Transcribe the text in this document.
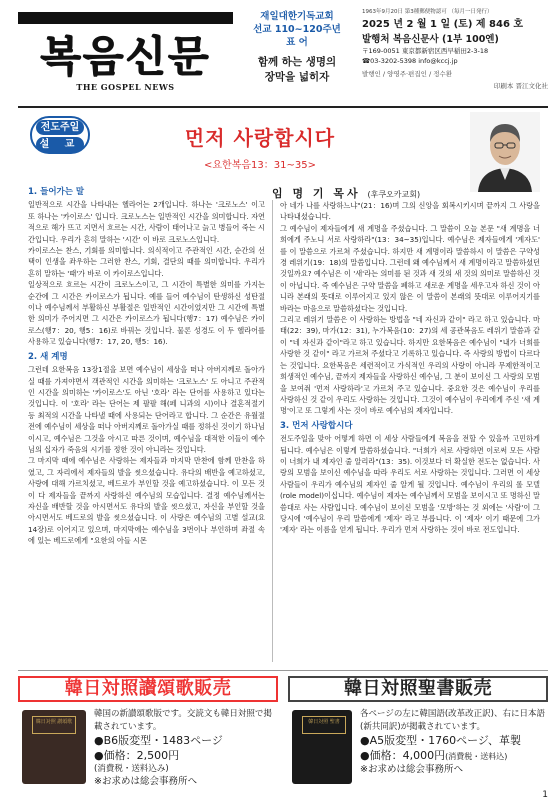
복음신문
THE GOSPEL NEWS
재일대한기독교회
선교 110~120주년
표 어
함께 하는 생명의
장막을 넓히자
1963年9月20日 第3種郵便物認可 （毎月一日発行）
2025 년 2 월 1 일 (토) 제 846 호
발행처 복음신문사 (1부 100엔)
〒169-0051 東京都新宿区西早稲田2-3-18
☎03-3202-5398 info@kccj.jp
발행인 / 양영주·편집인 / 정수환
印刷本 晋江文化社
전도주일
설 교	먼저 사랑합시다
<요한복음13：31~35>
임 명 기 목사 (후쿠오카교회)
1. 들어가는 말

일반적으로 시간을 나타내는 헬라어는 2개입니다. 하나는 '크로노스' 이고 또 하나는 '카이로스' 입니다. 크로노스는 일반적인 시간을 의미합니다. 자연적으로 해가 뜨고 지면서 흐르는 시간, 사람이 태어나고 늙고 병들어 죽는 시간입니다. 우리가 흔히 말하는 '시간' 이 바로 크로노스입니다.

카이로스는 찬스, 기회를 의미합니다. 의식적이고 주관적인 시간, 순간의 선택이 인생을 좌우하는 그러한 찬스, 기회, 결단의 때를 의미합니다. 우리가 흔히 말하는 '때'가 바로 이 카이로스입니다.

일상적으로 흐르는 시간이 크로노스이고, 그 시간이 특별한 의미를 가지는 순간에 그 시간은 카이로스가 됩니다. 예를 들어 예수님이 탄생하신 성탄절이나 예수님께서 부활하신 부활절은 일반적인 시간이었지만 그 시간에 특별한 의미가 주어지면 그 시간은 카이로스가 됩니다(행7：17) 예수님은 카이로스(행7：20, 행5：16)로 바꿔는 것입니다. 물론 성경도 이 두 헬라어를 사용하고 있습니다(행7：17, 20, 행5：16).

2. 새 계명

그런데 요한복음 13장1절을 보면 예수님이 세상을 떠나 아버지께로 돌아가실 때를 가져야면서 객관적인 시간을 의미하는 '크로노스' 도 아니고 주관적인 시간을 의미하는 '카이로스'도 아닌 '호라' 라는 단어를 사용하고 있다는 것입니다. 이 '호라' 라는 단어는 제 팔팔 해(페 니과의 시)이나 결혼적절기 등 최적의 시간을 나타낼 때에 사용되는 단어라고 합니다. 그 순간은 유월절 전에 예수님이 세상을 떠나 아버지께로 돌아가실 때를 정하신 것이기 하나님이시고, 예수님은 그것을 아시고 따른 것이며, 예수님을 대적한 이들이 예수님의 십자가 죽음의 시기를 정한 것이 아니라는 것입니다.

그 마지막 때에 예수님은 사랑하는 제자들과 마지막 만찬에 함께 만찬을 하였고, 그 자리에서 제자들의 발을 씻으셨습니다. 유다의 배반을 예고하셨고, 사랑에 대해 가르치셨고, 베드로가 부인할 것을 예고하셨습니다. 이 모든 것이 다 제자들을 끝까지 사랑하신 예수님의 모습입니다. 결정 예수님께서는 자신을 배반할 것을 아시면서도 유다의 발을 씻으셨고, 자신을 부인할 것을 아시면서도 베드로의 발을 씻으셨습니다. 이 사랑은 예수님의 고별 설교(요14장)로 이어지고 있으며, 마지막에는 예수님을 3번이나 부인하며 좌절 속에 있는 베드로에게 "요한의 아들 시몬

아 네가 나를 사랑하느냐"(21：16)며 그의 신앙을 회복시키시며 끝까지 그 사랑을 나타내셨습니다.

그 예수님이 제자들에게 새 계명을 주셨습니다. 그 말씀이 오늘 본문 "새 계명을 너희에게 주노니 서로 사랑하라"(13：34~35)입니다. 예수님은 제자들에게 '계자도' 를 이 말씀으로 가르쳐 주셨습니다. 하지만 새 계명이라 말씀하시 이 말씀은 구약성경 레위기(19：18)의 말씀입니다. 그런데 왜 예수님께서 새 계명이라고 말씀하셨던 것일까요? 예수님은 이 '새'라는 의미를 된 것과 새 것의 새 것의 의미로 말씀하신 것이 아닙니다. 즉 예수님은 구약 말씀을 폐하고 새로운 계명을 세우고자 하신 것이 아니라 본래의 뜻대로 이루어지고 있지 않은 이 말씀이 본래의 뜻대로 이루어지기를 바라는 마음으로 말씀하셨다는 것입니다.

그리고 레위기 말씀은 이 사랑하는 방법을 "네 자신과 같이" 라고 하고 있습니다. 마태(22：39), 마가(12：31), 누가복음(10：27)의 세 공관복음도 레위기 말씀과 같이 "네 자신과 같이"라고 하고 있습니다. 하지만 요한복음은 예수님이 "내가 너희를 사랑한 것 같이" 라고 가르쳐 주셨다고 기록하고 있습니다. 즉 사랑의 방법이 다르다는 것입니다. 요한복음은 세련적이고 가식적인 우리의 사랑이 아니라 무제한적이고 희생적인 예수님, 끝까지 제자들을 사랑하신 예수님, 그 분이 보이신 그 사랑의 모범을 보여줘 '먼저 사랑하라'고 가르쳐 주고 있습니다. 중요한 것은 예수님이 우리를 사랑하신 것 같이 우리도 사랑하는 것입니다. 그것이 예수님이 우리에게 주신 '새 계명'이고 또 그렇게 사는 것이 바로 예수님의 제자입니다.

3. 먼저 사랑합시다

전도주일을 맞아 어떻게 하면 이 세상 사람들에게 복음을 전할 수 있을까 고민하게 됩니다. 예수님은 이렇게 말씀하셨습니다. "너희가 서로 사랑하면 이로써 모든 사람이 너희가 내 제자인 줄 알리라"(13：35). 이것보다 더 확실한 전도는 없습니다. 사랑의 모범을 보이신 예수님을 따라 우리도 서로 사랑하는 것입니다. 그러면 이 세상 사람들이 우리가 예수님의 제자인 줄 알게 될 것입니다. 예수님이 우리의 롤 모델(role model)이십니다. 예수님이 제자는 예수님께서 모범을 보이시고 또 명하신 말씀대로 사는 사람입니다. 예수님이 보이신 모범을 '모방'하는 것 외에는 '사람'이 그 당시에 '예수님이 우리 말씀에게 '제자' 라고 부릅니다. 이 '제자' 이기 때문에 그가 '제자' 라는 이름을 얻게 됩니다. 우리가 먼저 사랑하는 것이 바로 전도입니다.

韓日対照讃頌歌販売
韓日対照 讃頌歌
韓国の新讃頌歌版です。交読文も韓日対照で掲載されています。
●B6版変型・1483ページ
●価格：2,500円
(消費税・送料込み)
※お求めは総会事務所へ
韓日対照聖書販売
韓日対照 聖書
各ページの左に韓国語(改革改正訳)、右に日本語(新共同訳)が掲載されています。
●A5版変型・1760ページ、革製
●価格：4,000円(消費税・送料込)
※お求めは総会事務所へ
1
